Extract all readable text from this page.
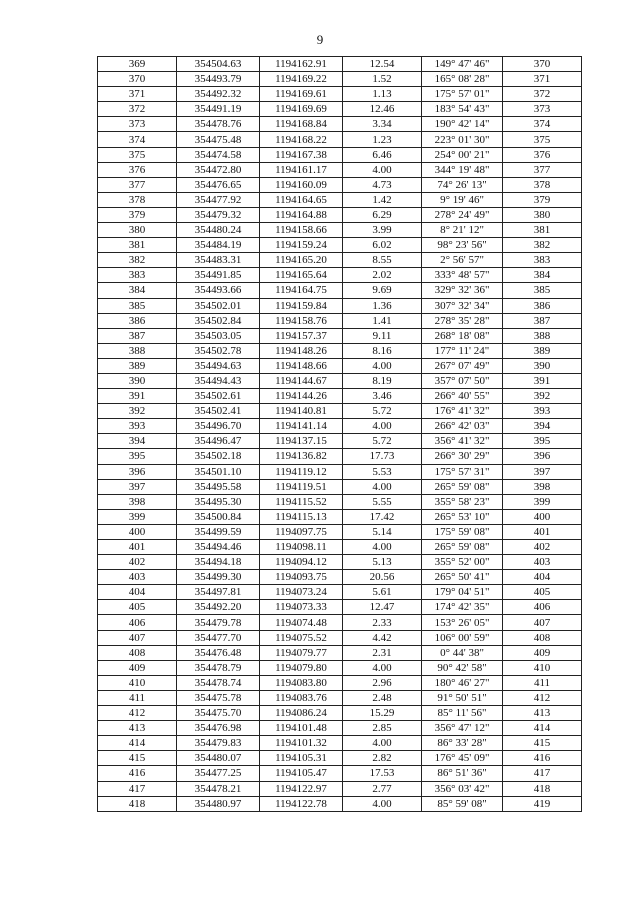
9
369	354504.63	1194162.91	12.54	149° 47' 46"	370
370	354493.79	1194169.22	1.52	165° 08' 28"	371
371	354492.32	1194169.61	1.13	175° 57' 01"	372
372	354491.19	1194169.69	12.46	183° 54' 43"	373
373	354478.76	1194168.84	3.34	190° 42' 14"	374
374	354475.48	1194168.22	1.23	223° 01' 30"	375
375	354474.58	1194167.38	6.46	254° 00' 21"	376
376	354472.80	1194161.17	4.00	344° 19' 48"	377
377	354476.65	1194160.09	4.73	74° 26' 13"	378
378	354477.92	1194164.65	1.42	9° 19' 46"	379
379	354479.32	1194164.88	6.29	278° 24' 49"	380
380	354480.24	1194158.66	3.99	8° 21' 12"	381
381	354484.19	1194159.24	6.02	98° 23' 56"	382
382	354483.31	1194165.20	8.55	2° 56' 57"	383
383	354491.85	1194165.64	2.02	333° 48' 57"	384
384	354493.66	1194164.75	9.69	329° 32' 36"	385
385	354502.01	1194159.84	1.36	307° 32' 34"	386
386	354502.84	1194158.76	1.41	278° 35' 28"	387
387	354503.05	1194157.37	9.11	268° 18' 08"	388
388	354502.78	1194148.26	8.16	177° 11' 24"	389
389	354494.63	1194148.66	4.00	267° 07' 49"	390
390	354494.43	1194144.67	8.19	357° 07' 50"	391
391	354502.61	1194144.26	3.46	266° 40' 55"	392
392	354502.41	1194140.81	5.72	176° 41' 32"	393
393	354496.70	1194141.14	4.00	266° 42' 03"	394
394	354496.47	1194137.15	5.72	356° 41' 32"	395
395	354502.18	1194136.82	17.73	266° 30' 29"	396
396	354501.10	1194119.12	5.53	175° 57' 31"	397
397	354495.58	1194119.51	4.00	265° 59' 08"	398
398	354495.30	1194115.52	5.55	355° 58' 23"	399
399	354500.84	1194115.13	17.42	265° 53' 10"	400
400	354499.59	1194097.75	5.14	175° 59' 08"	401
401	354494.46	1194098.11	4.00	265° 59' 08"	402
402	354494.18	1194094.12	5.13	355° 52' 00"	403
403	354499.30	1194093.75	20.56	265° 50' 41"	404
404	354497.81	1194073.24	5.61	179° 04' 51"	405
405	354492.20	1194073.33	12.47	174° 42' 35"	406
406	354479.78	1194074.48	2.33	153° 26' 05"	407
407	354477.70	1194075.52	4.42	106° 00' 59"	408
408	354476.48	1194079.77	2.31	0° 44' 38"	409
409	354478.79	1194079.80	4.00	90° 42' 58"	410
410	354478.74	1194083.80	2.96	180° 46' 27"	411
411	354475.78	1194083.76	2.48	91° 50' 51"	412
412	354475.70	1194086.24	15.29	85° 11' 56"	413
413	354476.98	1194101.48	2.85	356° 47' 12"	414
414	354479.83	1194101.32	4.00	86° 33' 28"	415
415	354480.07	1194105.31	2.82	176° 45' 09"	416
416	354477.25	1194105.47	17.53	86° 51' 36"	417
417	354478.21	1194122.97	2.77	356° 03' 42"	418
418	354480.97	1194122.78	4.00	85° 59' 08"	419
